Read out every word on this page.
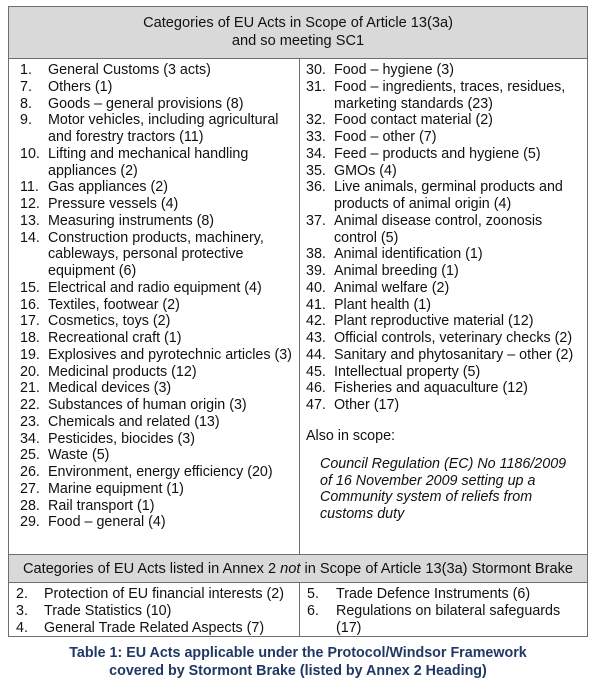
Categories of EU Acts in Scope of Article 13(3a)
and so meeting SC1
1.	General Customs (3 acts)
7.	Others (1)
8.	Goods – general provisions (8)
9.	Motor vehicles, including agricultural and forestry tractors (11)
10. Lifting and mechanical handling appliances (2)
11. Gas appliances (2)
12. Pressure vessels (4)
13. Measuring instruments (8)
14. Construction products, machinery, cableways, personal protective equipment (6)
15. Electrical and radio equipment (4)
16. Textiles, footwear (2)
17. Cosmetics, toys (2)
18. Recreational craft (1)
19. Explosives and pyrotechnic articles (3)
20. Medicinal products (12)
21. Medical devices (3)
22. Substances of human origin (3)
23. Chemicals and related (13)
34. Pesticides, biocides (3)
25. Waste (5)
26. Environment, energy efficiency (20)
27. Marine equipment (1)
28. Rail transport (1)
29. Food – general (4)
30. Food – hygiene (3)
31. Food – ingredients, traces, residues, marketing standards (23)
32. Food contact material (2)
33. Food – other (7)
34. Feed – products and hygiene (5)
35. GMOs (4)
36. Live animals, germinal products and products of animal origin (4)
37. Animal disease control, zoonosis control (5)
38. Animal identification (1)
39. Animal breeding (1)
40. Animal welfare (2)
41. Plant health (1)
42. Plant reproductive material (12)
43. Official controls, veterinary checks (2)
44. Sanitary and phytosanitary – other (2)
45. Intellectual property (5)
46. Fisheries and aquaculture (12)
47. Other (17)
Also in scope:
Council Regulation (EC) No 1186/2009 of 16 November 2009 setting up a Community system of reliefs from customs duty
Categories of EU Acts listed in Annex 2 not in Scope of Article 13(3a) Stormont Brake
2.	Protection of EU financial interests (2)
3.	Trade Statistics (10)
4.	General Trade Related Aspects (7)
5.	Trade Defence Instruments (6)
6.	Regulations on bilateral safeguards (17)
Table 1: EU Acts applicable under the Protocol/Windsor Framework
covered by Stormont Brake (listed by Annex 2 Heading)
